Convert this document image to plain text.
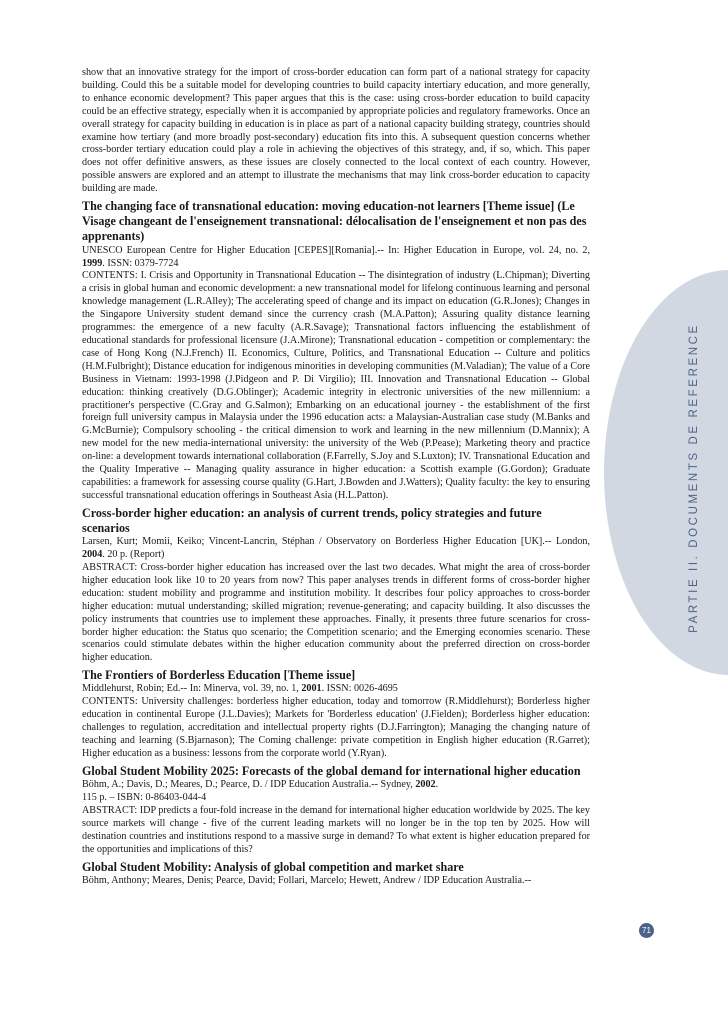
PARTIE II. DOCUMENTS DE REFERENCE

show that an innovative strategy for the import of cross-border education can form part of a national strategy for capacity building. Could this be a suitable model for developing countries to build capacity intertiary education, and more generally, to enhance economic development? This paper argues that this is the case: using cross-border education to build capacity could be an effective strategy, especially when it is accompanied by appropriate policies and regulatory frameworks. Once an overall strategy for capacity building in education is in place as part of a national capacity building strategy, countries should examine how tertiary (and more broadly post-secondary) education fits into this. A subsequent question concerns whether cross-border tertiary education could play a role in achieving the objectives of this strategy, and, if so, which. This paper does not offer definitive answers, as these issues are closely connected to the local context of each country. However, possible answers are explored and an attempt to illustrate the mechanisms that may link cross-border education to capacity building are made.

The changing face of transnational education: moving education-not learners [Theme issue] (Le Visage changeant de l'enseignement transnational: délocalisation de l'enseignement et non pas des apprenants)

UNESCO European Centre for Higher Education [CEPES][Romania].-- In: Higher Education in Europe, vol. 24, no. 2, 1999. ISSN: 0379-7724

CONTENTS: I. Crisis and Opportunity in Transnational Education -- The disintegration of industry (L.Chipman); Diverting a crisis in global human and economic development: a new transnational model for lifelong continuous learning and personal knowledge management (L.R.Alley); The accelerating speed of change and its impact on education (G.R.Jones); Changes in the Singapore University student demand since the currency crash (M.A.Patton); Assuring quality distance learning programmes: the emergence of a new faculty (A.R.Savage); Transnational factors influencing the establishment of educational standards for professional licensure (J.A.Mirone); Transnational education - competition or complementary: the case of Hong Kong (N.J.French) II. Economics, Culture, Politics, and Transnational Education -- Culture and politics (H.M.Fulbright); Distance education for indigenous minorities in developing communities (M.Valadian); The value of a Core Business in Vietnam: 1993-1998 (J.Pidgeon and P. Di Virgilio); III. Innovation and Transnational Education -- Global education: thinking creatively (D.G.Oblinger); Academic integrity in electronic universities of the new millennium: a practitioner's perspective (C.Gray and G.Salmon); Embarking on an educational journey - the establishment of the first foreign full university campus in Malaysia under the 1996 education acts: a Malaysian-Australian case study (M.Banks and G.McBurnie); Compulsory schooling - the critical dimension to work and learning in the new millennium (D.Mannix); A new model for the new media-international university: the university of the Web (P.Pease); Marketing theory and practice on-line: a development towards international collaboration (F.Farrelly, S.Joy and S.Luxton); IV. Transnational Education and the Quality Imperative -- Managing quality assurance in higher education: a Scottish example (G.Gordon); Graduate capabilities: a framework for assessing course quality (G.Hart, J.Bowden and J.Watters); Quality faculty: the key to ensuring successful transnational education offerings in Southeast Asia (H.L.Patton).

Cross-border higher education: an analysis of current trends, policy strategies and future scenarios

Larsen, Kurt; Momii, Keiko; Vincent-Lancrin, Stéphan / Observatory on Borderless Higher Education [UK].-- London, 2004. 20 p. (Report)

ABSTRACT: Cross-border higher education has increased over the last two decades. What might the area of cross-border higher education look like 10 to 20 years from now? This paper analyses trends in different forms of cross-border higher education: student mobility and programme and institution mobility. It describes four policy approaches to cross-border higher education: mutual understanding; skilled migration; revenue-generating; and capacity building. It also discusses the policy instruments that countries use to implement these approaches. Finally, it presents three future scenarios for cross-border higher education: the Status quo scenario; the Competition scenario; and the Emerging economies scenario. These scenarios could stimulate debates within the higher education community about the preferred direction on cross-border higher education.

The Frontiers of Borderless Education [Theme issue]

Middlehurst, Robin; Ed.-- In: Minerva, vol. 39, no. 1, 2001. ISSN: 0026-4695

CONTENTS: University challenges: borderless higher education, today and tomorrow (R.Middlehurst); Borderless higher education in continental Europe (J.L.Davies); Markets for 'Borderless education' (J.Fielden); Borderless higher education: challenges to regulation, accreditation and intellectual property rights (D.J.Farrington); Managing the changing nature of teaching and learning (S.Bjarnason); The Coming challenge: private competition in English higher education (R.Garret); Higher education as a business: lessons from the corporate world (Y.Ryan).

Global Student Mobility 2025: Forecasts of the global demand for international higher education

Böhm, A.; Davis, D.; Meares, D.; Pearce, D. / IDP Education Australia.-- Sydney, 2002.

115 p. – ISBN: 0-86403-044-4

ABSTRACT: IDP predicts a four-fold increase in the demand for international higher education worldwide by 2025. The key source markets will change - five of the current leading markets will no longer be in the top ten by 2025. How will destination countries and institutions respond to a massive surge in demand? To what extent is higher education prepared for the opportunities and implications of this?

Global Student Mobility: Analysis of global competition and market share

Böhm, Anthony; Meares, Denis; Pearce, David; Follari, Marcelo; Hewett, Andrew / IDP Education Australia.--

71
